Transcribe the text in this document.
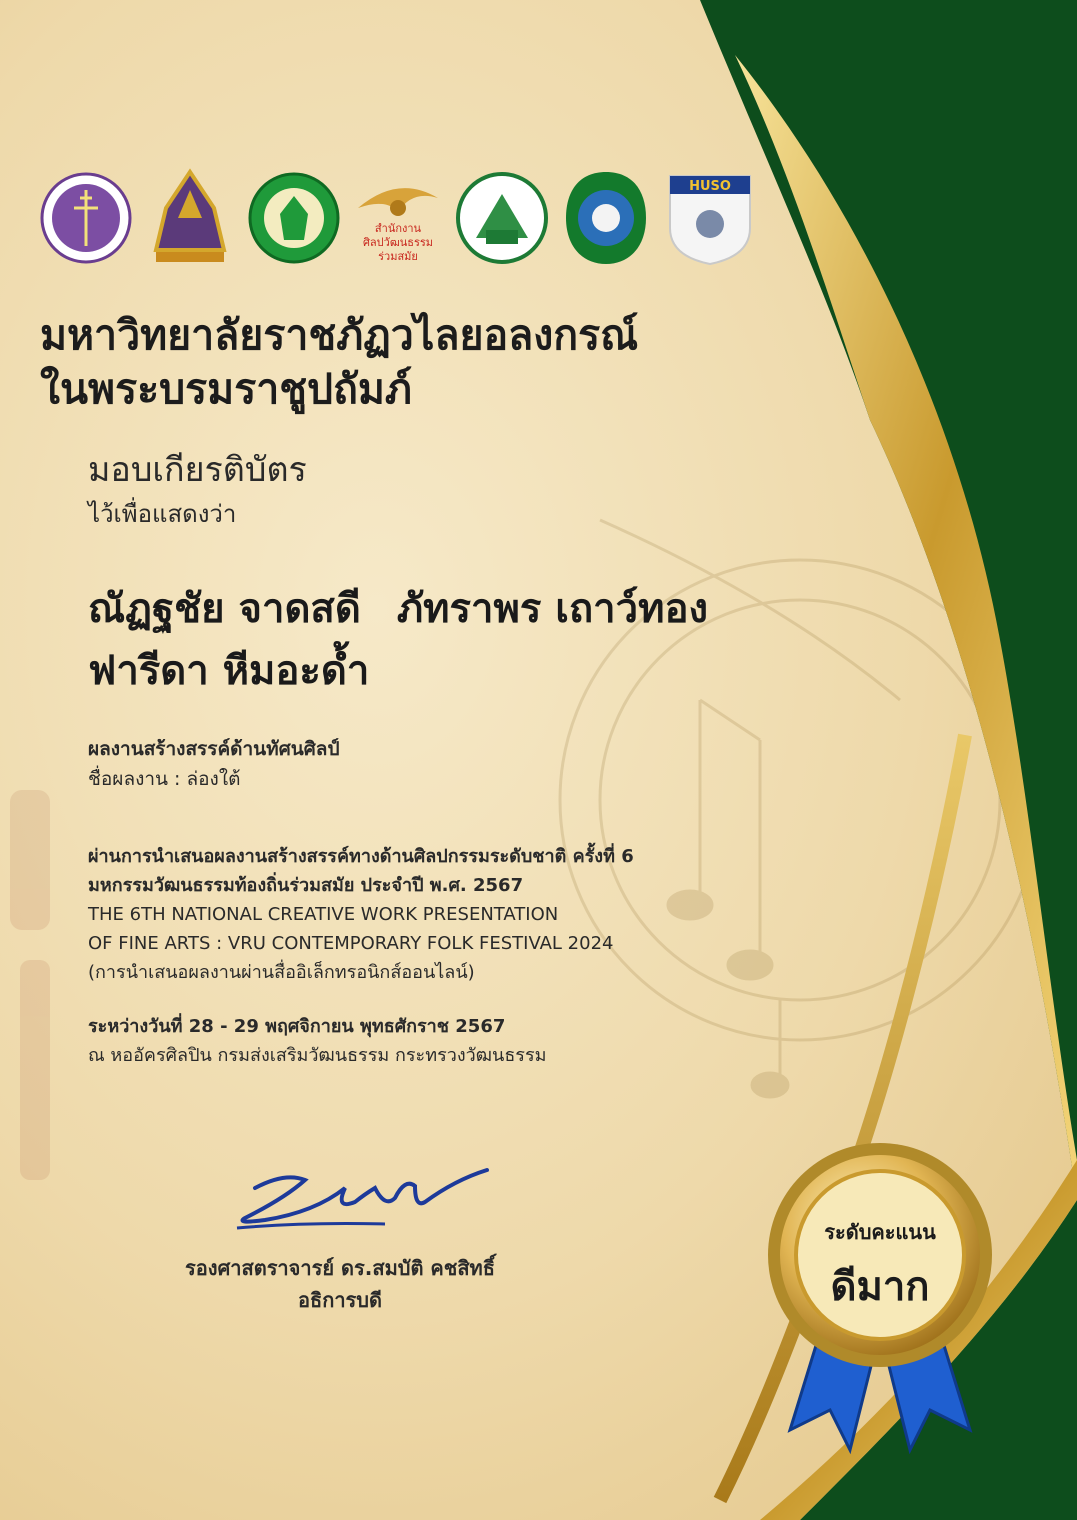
สำนักงาน
ศิลปวัฒนธรรม
ร่วมสมัย
HUSO
มหาวิทยาลัยราชภัฏวไลยอลงกรณ์
ในพระบรมราชูปถัมภ์
มอบเกียรติบัตร
ไว้เพื่อแสดงว่า
ณัฏฐชัย จาดสดี ภัทราพร เถาว์ทอง
ฟารีดา หีมอะด้ำ
ผลงานสร้างสรรค์ด้านทัศนศิลป์
ชื่อผลงาน : ล่องใต้
ผ่านการนำเสนอผลงานสร้างสรรค์ทางด้านศิลปกรรมระดับชาติ ครั้งที่ 6
มหกรรมวัฒนธรรมท้องถิ่นร่วมสมัย ประจำปี พ.ศ. 2567
THE 6TH NATIONAL CREATIVE WORK PRESENTATION
OF FINE ARTS : VRU CONTEMPORARY FOLK FESTIVAL 2024
(การนำเสนอผลงานผ่านสื่ออิเล็กทรอนิกส์ออนไลน์)
ระหว่างวันที่ 28 - 29 พฤศจิกายน พุทธศักราช 2567
ณ หออัครศิลปิน กรมส่งเสริมวัฒนธรรม กระทรวงวัฒนธรรม
รองศาสตราจารย์ ดร.สมบัติ คชสิทธิ์
อธิการบดี
ระดับคะแนน
ดีมาก
